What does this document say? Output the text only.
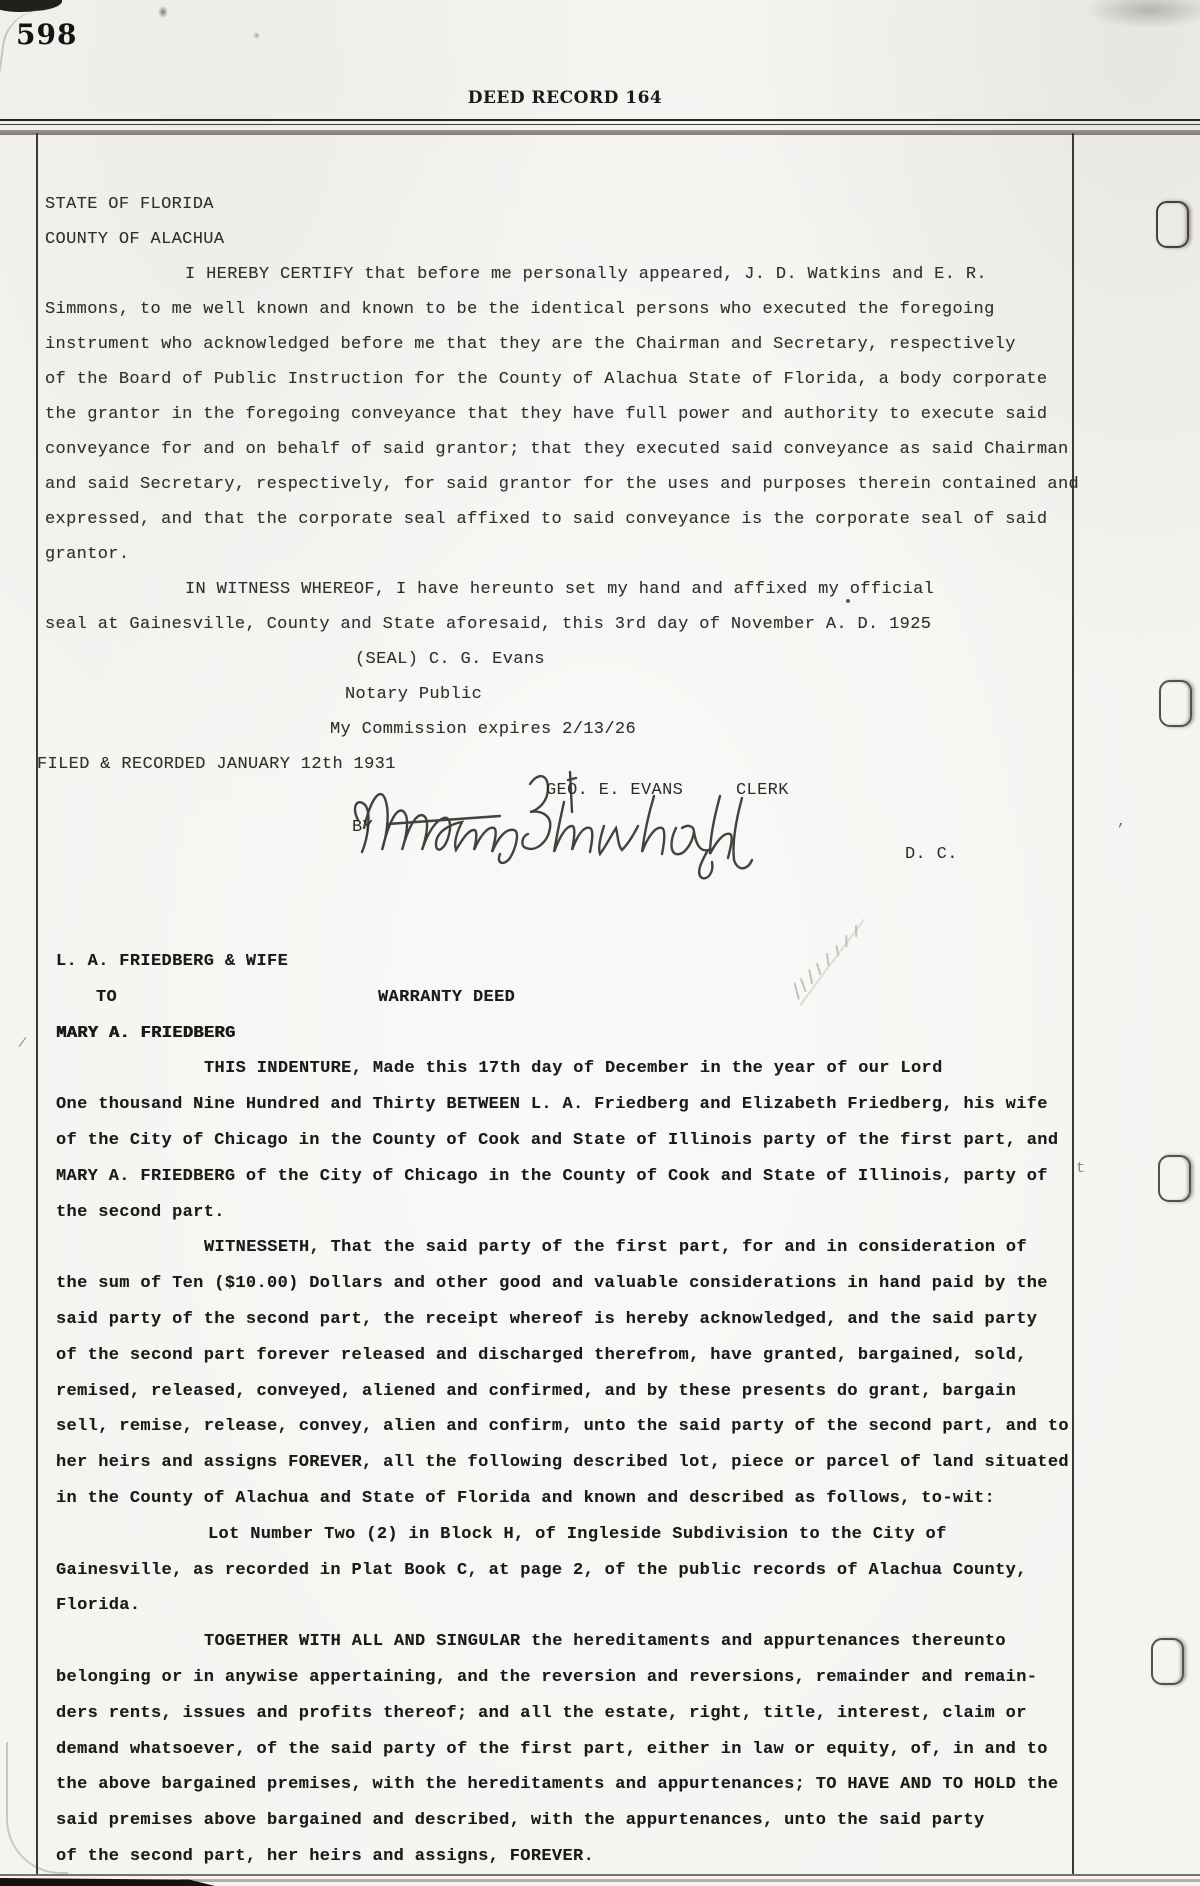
598
DEED RECORD 164
STATE OF FLORIDA
COUNTY OF ALACHUA
I HEREBY CERTIFY that before me personally appeared, J. D. Watkins and E. R.
Simmons, to me well known and known to be the identical persons who executed the foregoing
instrument who acknowledged before me that they are the Chairman and Secretary, respectively
of the Board of Public Instruction for the County of Alachua State of Florida, a body corporate
the grantor in the foregoing conveyance that they have full power and authority to execute said
conveyance for and on behalf of said grantor; that they executed said conveyance as said Chairman
and said Secretary, respectively, for said grantor for the uses and purposes therein contained and
expressed, and that the corporate seal affixed to said conveyance is the corporate seal of said
grantor.
IN WITNESS WHEREOF, I have hereunto set my hand and affixed my official
seal at Gainesville, County and State aforesaid, this 3rd day of November A. D. 1925
(SEAL) C. G. Evans
Notary Public
My Commission expires 2/13/26
FILED & RECORDED JANUARY 12th 1931
GEO. E. EVANS	CLERK
BY
D. C.
L. A. FRIEDBERG & WIFE
TO	WARRANTY DEED
MARY A. FRIEDBERG
THIS INDENTURE, Made this 17th day of December in the year of our Lord
One thousand Nine Hundred and Thirty BETWEEN L. A. Friedberg and Elizabeth Friedberg, his wife
of the City of Chicago in the County of Cook and State of Illinois party of the first part, and
MARY A. FRIEDBERG of the City of Chicago in the County of Cook and State of Illinois, party of
the second part.
WITNESSETH, That the said party of the first part, for and in consideration of
the sum of Ten ($10.00) Dollars and other good and valuable considerations in hand paid by the
said party of the second part, the receipt whereof is hereby acknowledged, and the said party
of the second part forever released and discharged therefrom, have granted, bargained, sold,
remised, released, conveyed, aliened and confirmed, and by these presents do grant, bargain
sell, remise, release, convey, alien and confirm, unto the said party of the second part, and to
her heirs and assigns FOREVER, all the following described lot, piece or parcel of land situated
in the County of Alachua and State of Florida and known and described as follows, to-wit:
Lot Number Two (2) in Block H, of Ingleside Subdivision to the City of
Gainesville, as recorded in Plat Book C, at page 2, of the public records of Alachua County,
Florida.
TOGETHER WITH ALL AND SINGULAR the hereditaments and appurtenances thereunto
belonging or in anywise appertaining, and the reversion and reversions, remainder and remain-
ders rents, issues and profits thereof; and all the estate, right, title, interest, claim or
demand whatsoever, of the said party of the first part, either in law or equity, of, in and to
the above bargained premises, with the hereditaments and appurtenances; TO HAVE AND TO HOLD the
said premises above bargained and described, with the appurtenances, unto the said party
of the second part, her heirs and assigns, FOREVER.
’
/
t
